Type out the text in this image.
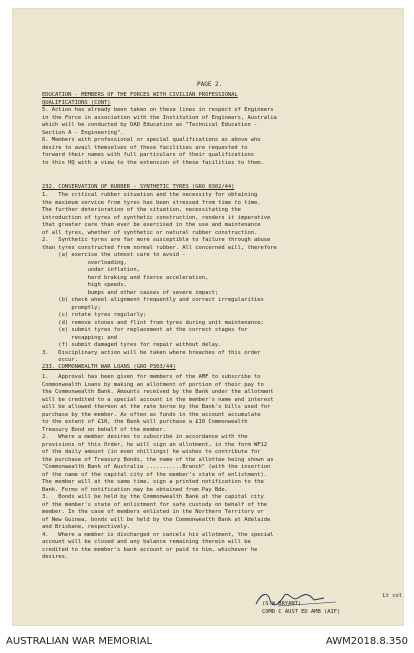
PAGE 2.

EDUCATION - MEMBERS OF THE FORCES WITH CIVILIAN PROFESSIONAL
QUALIFICATIONS (CONT)

5. Action has already been taken on these lines in respect of Engineers
in the Force in association with the Institution of Engineers, Australia
which will be conducted by DAD Education as "Technical Education -
Section A - Engineering".
6. Members with professional or special qualifications as above who
desire to avail themselves of these facilities are requested to
forward their names with full particulars of their qualifications
to this HQ with a view to the extension of these facilities to them.

232. CONSERVATION OF RUBBER - SYNTHETIC TYRES (GRO 0302/44)

1.   The critical rubber situation and the necessity for obtaining
the maximum service from tyres has been stressed from time to time.
The further deterioration of the situation, necessitating the
introduction of tyres of synthetic construction, renders it imperative
that greater care than ever be exercised in the use and maintenance
of all tyres, whether of synthetic or natural rubber construction.
2.   Synthetic tyres are far more susceptible to failure through abuse
than tyres constructed from normal rubber. All concerned will, therefore
(a) exercise the utmost care to avoid -
overloading,
under inflation,
hard braking and fierce acceleration,
high speeds,
bumps and other causes of severe impact;
(b) check wheel alignment frequently and correct irregularities
promptly;
(c) rotate tyres regularly;
(d) remove stones and flint from tyres during unit maintenance;
(e) submit tyres for replacement at the correct stages for
recapping; and
(f) submit damaged tyres for repair without delay.
3.   Disciplinary action will be taken where breaches of this order
occur.

233. COMMONWEALTH WAR LOANS (GRO P303/44)

1.   Approval has been given for members of the AMF to subscribe to
Commonwealth Loans by making an allotment of portion of their pay to
the Commonwealth Bank. Amounts received by the Bank under the allotment
will be credited to a special account in the member's name and interest
will be allowed thereon at the rate borne by the Bank's bills used for
purchase by the member. As often as funds in the account accumulate
to the extent of £10, the Bank will purchase a £10 Commonwealth
Treasury Bond on behalf of the member.
2.   Where a member desires to subscribe in accordance with the
provisions of this Order, he will sign an allotment, in the form WF12
of the daily amount (in even shillings) he wishes to contribute for
the purchase of Treasury Bonds, the name of the allottee being shown as
"Commonwealth Bank of Australia ...........Branch" (with the insertion
of the name of the capital city of the member's state of enlistment).
The member will at the same time, sign a printed notification to the
Bank. Forms of notification may be obtained from Pay Bde.
3.   Bonds will be held by the Commonwealth Bank at the capital city
of the member's state of enlistment for safe custody on behalf of the
member. In the case of members enlisted in the Northern Territory or
of New Guinea, bonds will be held by the Commonwealth Bank at Adelaide
and Brisbane, respectively.
4.   Where a member is discharged or cancels his allotment, the special
account will be closed and any balance remaining therein will be
credited to the member's bank account or paid to him, whichever he
desires.

Lt col

(S.W.BRYANT)

COMD C AUST ED AMB (AIF)

AUSTRALIAN WAR MEMORIAL	AWM2018.8.350
